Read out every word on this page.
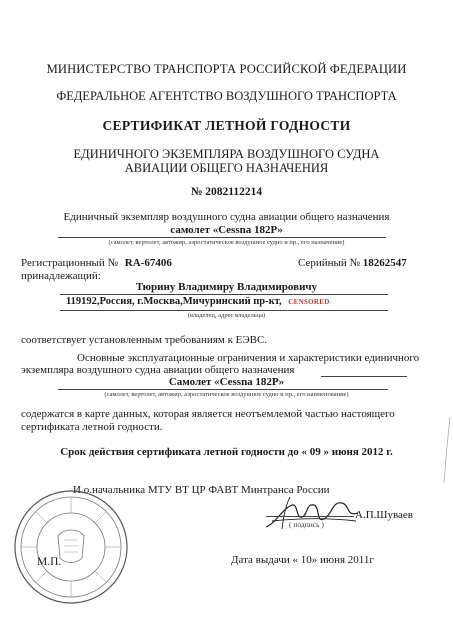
МИНИСТЕРСТВО ТРАНСПОРТА РОССИЙСКОЙ ФЕДЕРАЦИИ
ФЕДЕРАЛЬНОЕ АГЕНТСТВО ВОЗДУШНОГО ТРАНСПОРТА
СЕРТИФИКАТ ЛЕТНОЙ ГОДНОСТИ
ЕДИНИЧНОГО ЭКЗЕМПЛЯРА ВОЗДУШНОГО СУДНА
АВИАЦИИ ОБЩЕГО НАЗНАЧЕНИЯ
№ 2082112214
Единичный экземпляр воздушного судна авиации общего назначения
самолет «Cessna 182P»
(самолет, вертолет, автожир, аэростатическое воздушное судно и пр., его назначение)
Регистрационный № RA-67406	Серийный № 18262547
принадлежащий:
Тюрину Владимиру Владимировичу
119192,Россия, г.Москва,Мичуринский пр-кт, CENSORED
(владелец, адрес владельца)
соответствует установленным требованиям к ЕЭВС.
Основные эксплуатационные ограничения и характеристики единичного
экземпляра воздушного судна авиации общего назначения
Самолет «Cessna 182P»
(самолет, вертолет, автожир, аэростатическое воздушное судно и пр., его наименование)
содержатся в карте данных, которая является неотъемлемой частью настоящего
сертификата летной годности.
Срок действия сертификата летной годности до « 09 » июня 2012 г.
И.о.начальника МТУ ВТ ЦР ФАВТ Минтранса России
А.П.Шуваев
( подпись )
М.П.	Дата выдачи « 10» июня 2011г
